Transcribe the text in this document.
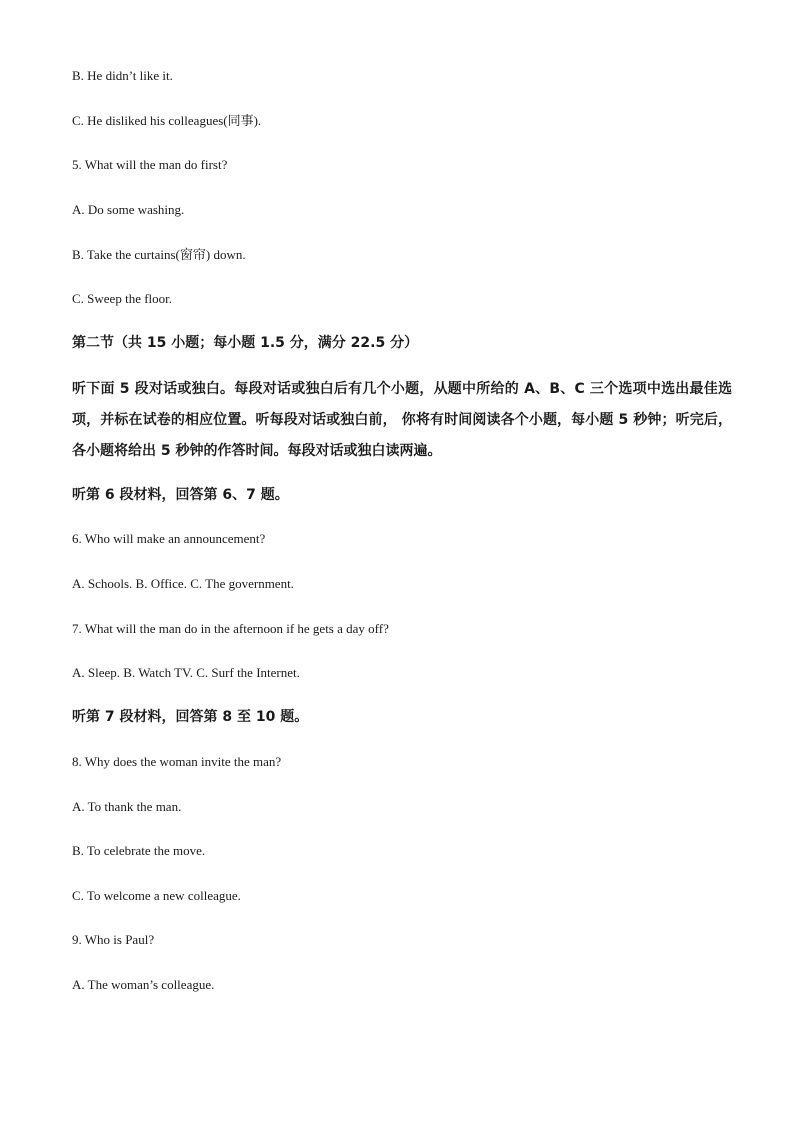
B. He didn’t like it.
C. He disliked his colleagues(同事).
5. What will the man do first?
A. Do some washing.
B. Take the curtains(窗帘) down.
C. Sweep the floor.
第二节（共 15 小题；每小题 1.5 分，满分 22.5 分）
听下面 5 段对话或独白。每段对话或独白后有几个小题，从题中所给的 A、B、C 三个选项中选出最佳选项，并标在试卷的相应位置。听每段对话或独白前， 你将有时间阅读各个小题，每小题 5 秒钟；听完后，各小题将给出 5 秒钟的作答时间。每段对话或独白读两遍。
听第 6 段材料，回答第 6、7 题。
6. Who will make an announcement?
A. Schools. B. Office. C. The government.
7. What will the man do in the afternoon if he gets a day off?
A. Sleep. B. Watch TV. C. Surf the Internet.
听第 7 段材料，回答第 8 至 10 题。
8. Why does the woman invite the man?
A. To thank the man.
B. To celebrate the move.
C. To welcome a new colleague.
9. Who is Paul?
A. The woman’s colleague.
